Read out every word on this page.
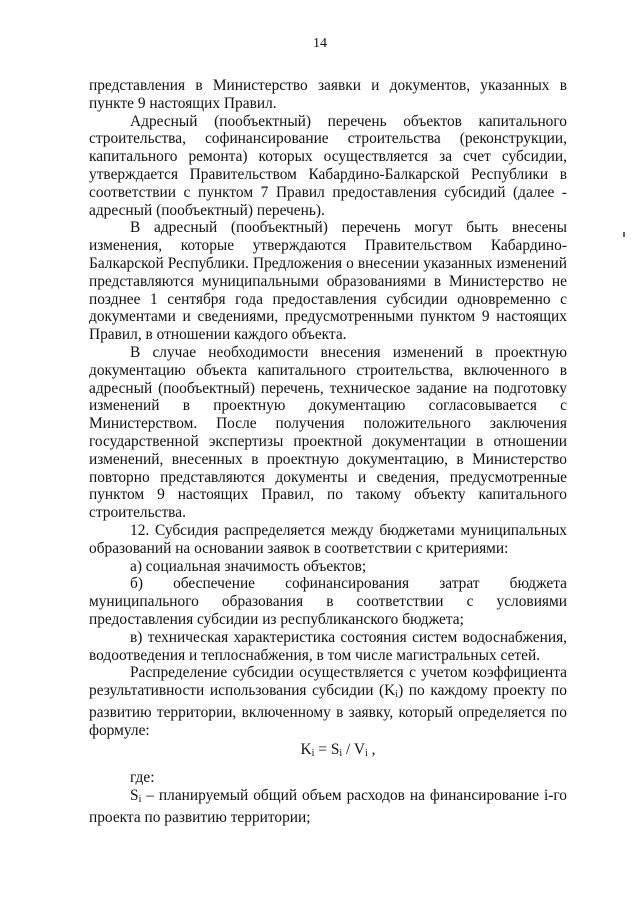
14

представления в Министерство заявки и документов, указанных в пункте 9 настоящих Правил.

Адресный (пообъектный) перечень объектов капитального строительства, софинансирование строительства (реконструкции, капитального ремонта) которых осуществляется за счет субсидии, утверждается Правительством Кабардино-Балкарской Республики в соответствии с пунктом 7 Правил предоставления субсидий (далее - адресный (пообъектный) перечень).

В адресный (пообъектный) перечень могут быть внесены изменения, которые утверждаются Правительством Кабардино-Балкарской Республики. Предложения о внесении указанных изменений представляются муниципальными образованиями в Министерство не позднее 1 сентября года предоставления субсидии одновременно с документами и сведениями, предусмотренными пунктом 9 настоящих Правил, в отношении каждого объекта.

В случае необходимости внесения изменений в проектную документацию объекта капитального строительства, включенного в адресный (пообъектный) перечень, техническое задание на подготовку изменений в проектную документацию согласовывается с Министерством. После получения положительного заключения государственной экспертизы проектной документации в отношении изменений, внесенных в проектную документацию, в Министерство повторно представляются документы и сведения, предусмотренные пунктом 9 настоящих Правил, по такому объекту капитального строительства.

12. Субсидия распределяется между бюджетами муниципальных образований на основании заявок в соответствии с критериями:

а) социальная значимость объектов;

б) обеспечение софинансирования затрат бюджета муниципального образования в соответствии с условиями предоставления субсидии из республиканского бюджета;

в) техническая характеристика состояния систем водоснабжения, водоотведения и теплоснабжения, в том числе магистральных сетей.

Распределение субсидии осуществляется с учетом коэффициента результативности использования субсидии $(K_i)$ по каждому проекту по развитию территории, включенному в заявку, который определяется по формуле:

$K_i = S_i / V_i$ ,

где:

$S_i$ – планируемый общий объем расходов на финансирование i-го проекта по развитию территории;
